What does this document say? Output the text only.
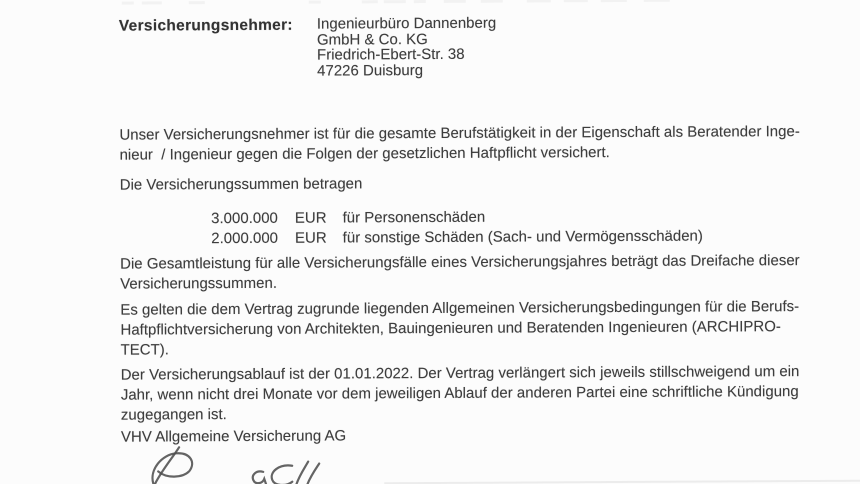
Versicherungsnehmer: Ingenieurbüro Dannenberg
GmbH & Co. KG
Friedrich-Ebert-Str. 38
47226 Duisburg
Unser Versicherungsnehmer ist für die gesamte Berufstätigkeit in der Eigenschaft als Beratender Inge-
nieur  / Ingenieur gegen die Folgen der gesetzlichen Haftpflicht versichert.
Die Versicherungssummen betragen
3.000.000 EUR für Personenschäden
2.000.000 EUR für sonstige Schäden (Sach- und Vermögensschäden)
Die Gesamtleistung für alle Versicherungsfälle eines Versicherungsjahres beträgt das Dreifache dieser
Versicherungssummen.
Es gelten die dem Vertrag zugrunde liegenden Allgemeinen Versicherungsbedingungen für die Berufs-
Haftpflichtversicherung von Architekten, Bauingenieuren und Beratenden Ingenieuren (ARCHIPRO-
TECT).
Der Versicherungsablauf ist der 01.01.2022. Der Vertrag verlängert sich jeweils stillschweigend um ein
Jahr, wenn nicht drei Monate vor dem jeweiligen Ablauf der anderen Partei eine schriftliche Kündigung
zugegangen ist.
VHV Allgemeine Versicherung AG
